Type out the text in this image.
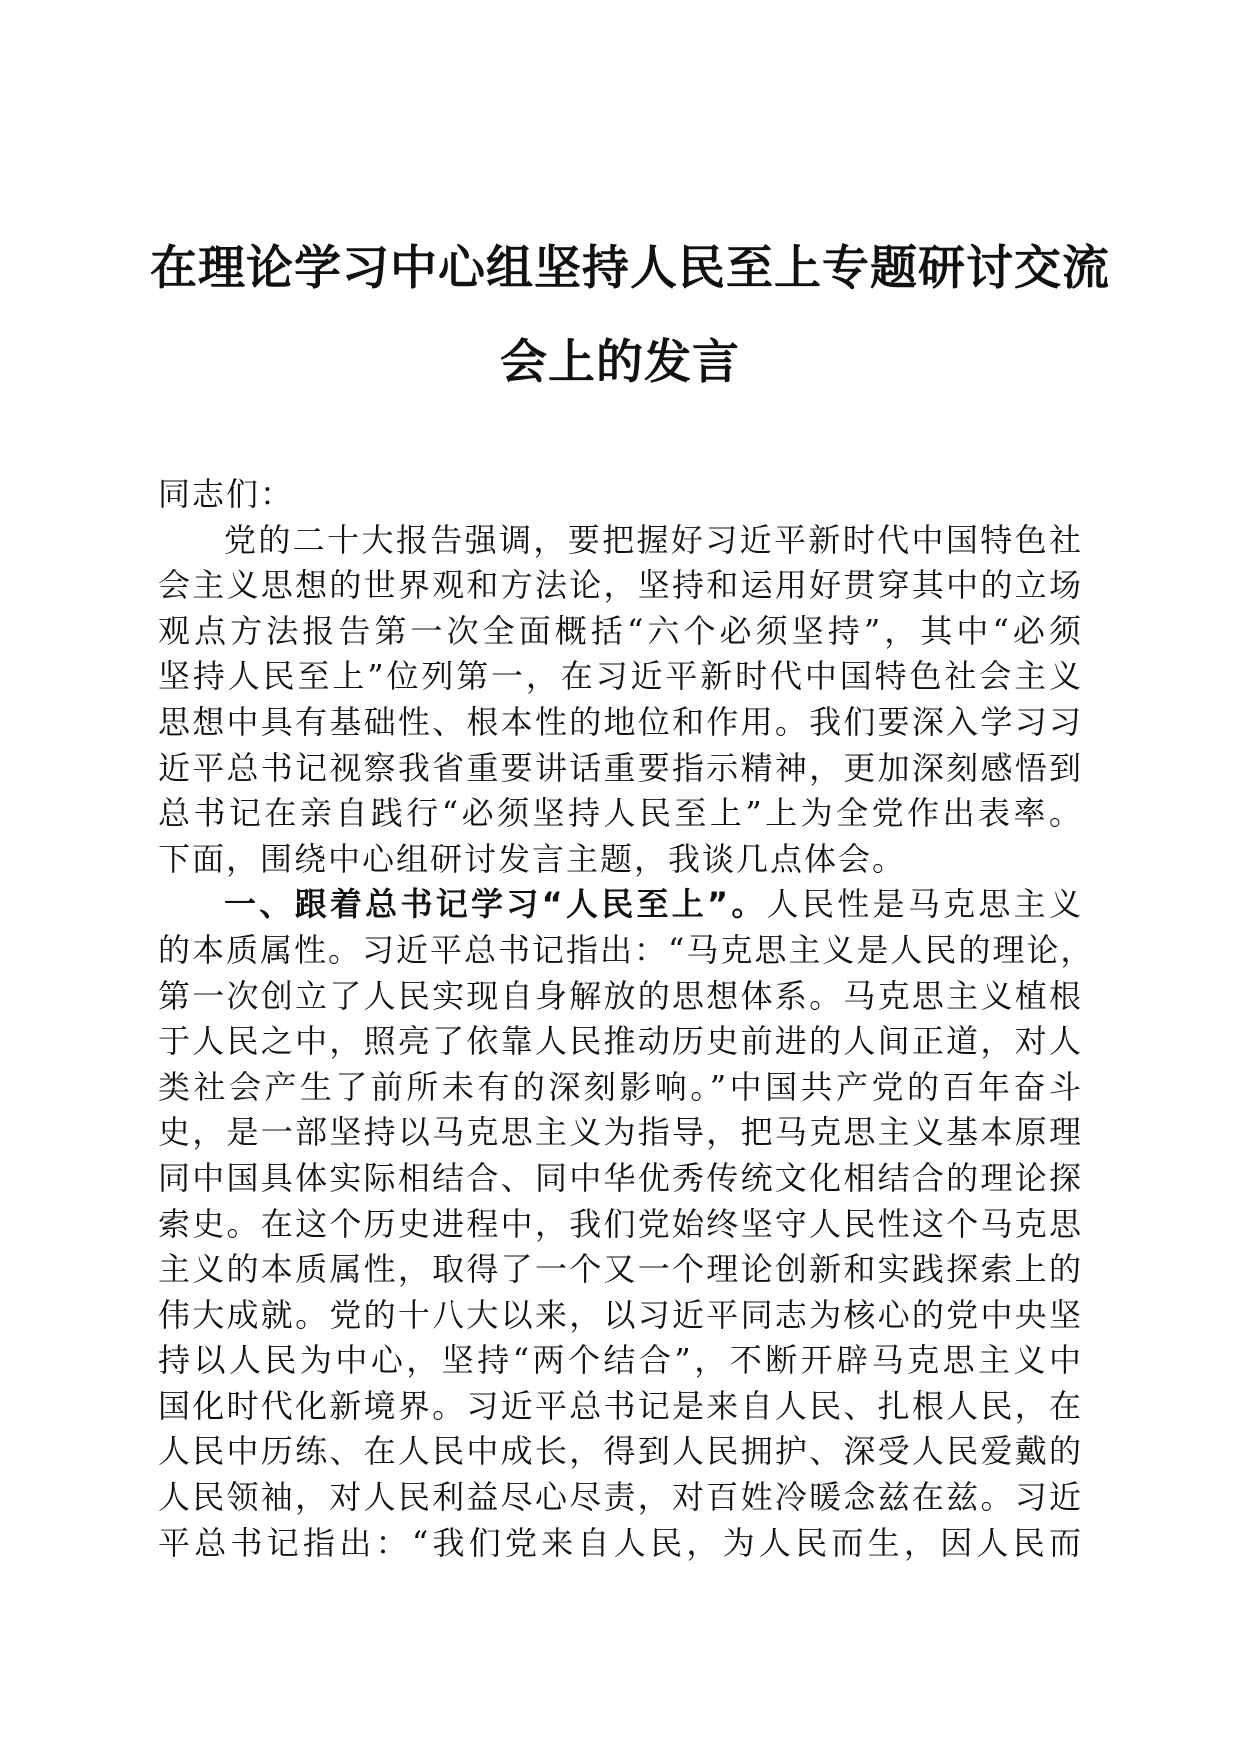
在理论学习中心组坚持人民至上专题研讨交流
会上的发言
同志们：
党的二十大报告强调，要把握好习近平新时代中国特色社
会主义思想的世界观和方法论，坚持和运用好贯穿其中的立场
观点方法报告第一次全面概括“六个必须坚持”，其中“必须
坚持人民至上”位列第一，在习近平新时代中国特色社会主义
思想中具有基础性、根本性的地位和作用。我们要深入学习习
近平总书记视察我省重要讲话重要指示精神，更加深刻感悟到
总书记在亲自践行“必须坚持人民至上”上为全党作出表率。
下面，围绕中心组研讨发言主题，我谈几点体会。
一、跟着总书记学习“人民至上”。人民性是马克思主义
的本质属性。习近平总书记指出：“马克思主义是人民的理论，
第一次创立了人民实现自身解放的思想体系。马克思主义植根
于人民之中，照亮了依靠人民推动历史前进的人间正道，对人
类社会产生了前所未有的深刻影响。”中国共产党的百年奋斗
史，是一部坚持以马克思主义为指导，把马克思主义基本原理
同中国具体实际相结合、同中华优秀传统文化相结合的理论探
索史。在这个历史进程中，我们党始终坚守人民性这个马克思
主义的本质属性，取得了一个又一个理论创新和实践探索上的
伟大成就。党的十八大以来，以习近平同志为核心的党中央坚
持以人民为中心，坚持“两个结合”，不断开辟马克思主义中
国化时代化新境界。习近平总书记是来自人民、扎根人民，在
人民中历练、在人民中成长，得到人民拥护、深受人民爱戴的
人民领袖，对人民利益尽心尽责，对百姓冷暖念兹在兹。习近
平总书记指出：“我们党来自人民，为人民而生，因人民而
